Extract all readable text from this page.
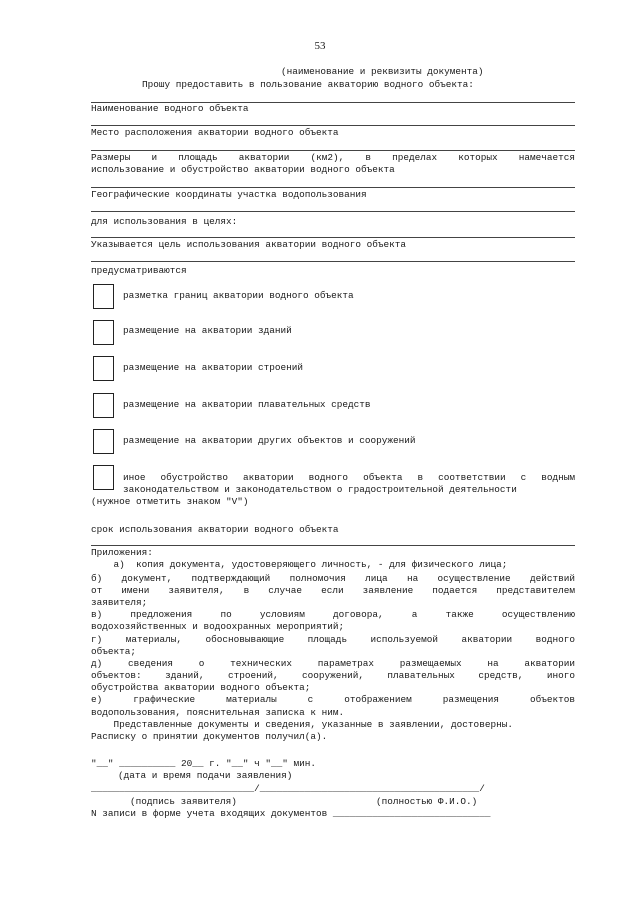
53
(наименование и реквизиты документа)
Прошу предоставить в пользование акваторию водного объекта:
Наименование водного объекта
Место расположения акватории водного объекта
Размеры и площадь акватории (км2), в пределах которых намечается
использование и обустройство акватории водного объекта
Географические координаты участка водопользования
для использования в целях:
Указывается цель использования акватории водного объекта
предусматриваются
разметка границ акватории водного объекта
размещение на акватории зданий
размещение на акватории строений
размещение на акватории плавательных средств
размещение на акватории других объектов и сооружений
иное обустройство акватории водного объекта в соответствии с водным
законодательством и законодательством о градостроительной деятельности
(нужное отметить знаком "V")
срок использования акватории водного объекта
Приложения:
а)  копия документа, удостоверяющего личность, - для физического лица;
б) документ, подтверждающий полномочия лица на осуществление действий
от имени заявителя, в случае если заявление подается представителем
заявителя;
в) предложения по условиям договора, а также осуществлению
водохозяйственных и водоохранных мероприятий;
г) материалы, обосновывающие площадь используемой акватории водного
объекта;
д) сведения о технических параметрах размещаемых на акватории
объектов: зданий, строений, сооружений, плавательных средств, иного
обустройства акватории водного объекта;
е) графические материалы с отображением размещения объектов
водопользования, пояснительная записка к ним.
Представленные документы и сведения, указанные в заявлении, достоверны.
Расписку о принятии документов получил(а).
"__" __________ 20__ г. "__" ч "__" мин.
(дата и время подачи заявления)
_____________________________/_______________________________________/
(подпись заявителя)	(полностью Ф.И.О.)
N записи в форме учета входящих документов ____________________________
